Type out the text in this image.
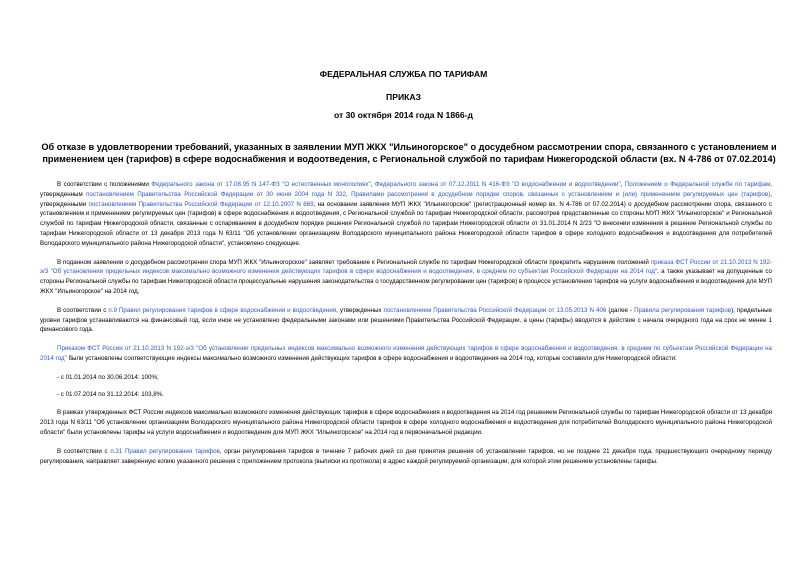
ФЕДЕРАЛЬНАЯ СЛУЖБА ПО ТАРИФАМ
ПРИКАЗ
от 30 октября 2014 года N 1866-д
Об отказе в удовлетворении требований, указанных в заявлении МУП ЖКХ "Ильиногорское" о досудебном рассмотрении спора, связанного с установлением и применением цен (тарифов) в сфере водоснабжения и водоотведения, с Региональной службой по тарифам Нижегородской области (вх. N 4-786 от 07.02.2014)

В соответствии с положениями Федерального закона от 17.08.95 N 147-ФЗ "О естественных монополиях", Федерального закона от 07.12.2011 N 416-ФЗ "О водоснабжении и водоотведении", Положением о Федеральной службе по тарифам, утвержденным постановлением Правительства Российской Федерации от 30 июня 2004 года N 332, Правилами рассмотрения в досудебном порядке споров, связанных с установлением и (или) применением регулируемых цен (тарифов), утвержденными постановлением Правительства Российской Федерации от 12.10.2007 N 669, на основании заявления МУП ЖКХ "Ильиногорское" (регистрационный номер вх. N 4-786 от 07.02.2014) о досудебном рассмотрении спора, связанного с установлением и применением регулируемых цен (тарифов) в сфере водоснабжения и водоотведения, с Региональной службой по тарифам Нижегородской области, рассмотрев представленные со стороны МУП ЖКХ "Ильиногорское" и Региональной службой по тарифам Нижегородской области, связанные с оспариванием в досудебном порядке решения Региональной службой по тарифам Нижегородской области от 31.01.2014 N 2/23 "О внесении изменения в решение Региональной службы по тарифам Нижегородской области от 13 декабря 2013 года N 63/11 "Об установлении организациям Володарского муниципального района Нижегородской области тарифов в сфере холодного водоснабжения и водоотведения для потребителей Володарского муниципального района Нижегородской области", установлено следующее.

В поданном заявлении о досудебном рассмотрении спора МУП ЖКХ "Ильиногорское" заявляет требование к Региональной службе по тарифам Нижегородской области прекратить нарушение положений приказа ФСТ России от 21.10.2013 N 192-э/3 "Об установлении предельных индексов максимально возможного изменения действующих тарифов в сфере водоснабжения и водоотведения, в среднем по субъектам Российской Федерации на 2014 год", а также указывает на допущенные со стороны Региональной службы по тарифам Нижегородской области процессуальные нарушения законодательства о государственном регулировании цен (тарифов) в процессе установления тарифов на услуги водоснабжения и водоотведения для МУП ЖКХ "Ильиногорское" на 2014 год.

В соответствии с п.9 Правил регулирования тарифов в сфере водоснабжения и водоотведения, утвержденных постановлением Правительства Российской Федерации от 13.05.2013 N 406 (далее - Правила регулирования тарифов), предельные уровни тарифов устанавливаются на финансовый год, если иное не установлено федеральными законами или решениями Правительства Российской Федерации, а цены (тарифы) вводятся в действие с начала очередного года на срок не менее 1 финансового года.

Приказом ФСТ России от 21.10.2013 N 192-э/3 "Об установлении предельных индексов максимально возможного изменения действующих тарифов в сфере водоснабжения и водоотведения, в среднем по субъектам Российской Федерации на 2014 год" были установлены соответствующие индексы максимально возможного изменения действующих тарифов в сфере водоснабжения и водоотведения на 2014 год, которые составили для Нижегородской области:

- с 01.01.2014 по 30.06.2014: 100%;

- с 01.07.2014 по 31.12.2014: 103,8%.

В рамках утвержденных ФСТ России индексов максимально возможного изменения действующих тарифов в сфере водоснабжения и водоотведения на 2014 год решением Региональной службы по тарифам Нижегородской области от 13 декабря 2013 года N 63/11 "Об установлении организациям Володарского муниципального района Нижегородской области тарифов в сфере холодного водоснабжения и водоотведения для потребителей Володарского муниципального района Нижегородской области" были установлены тарифы на услуги водоснабжения и водоотведения для МУП ЖКХ "Ильиногорское" на 2014 год в первоначальной редакции.

В соответствии с п.31 Правил регулирования тарифов, орган регулирования тарифов в течение 7 рабочих дней со дня принятия решения об установлении тарифов, но не позднее 21 декабря года, предшествующего очередному периоду регулирования, направляет заверенную копию указанного решения с приложением протокола (выписки из протокола) в адрес каждой регулируемой организации, для которой этим решением установлены тарифы.
